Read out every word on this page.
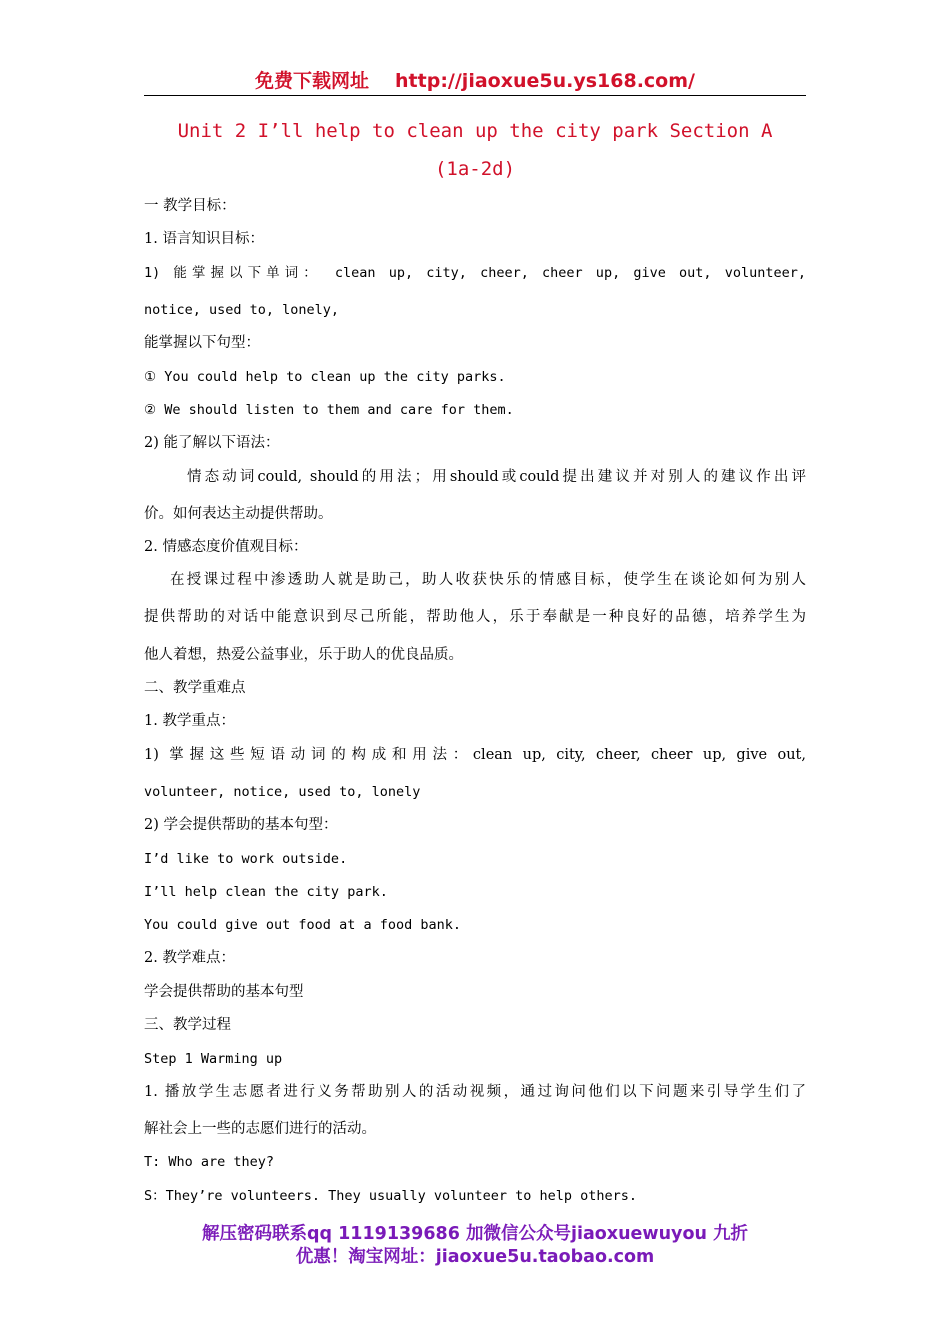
免费下载网址 http://jiaoxue5u.ys168.com/
Unit 2 I’ll help to clean up the city park Section A
(1a-2d)
一 教学目标：
1. 语言知识目标：
1) 能掌握以下单词： clean up, city, cheer, cheer up, give out, volunteer,
notice, used to, lonely,
能掌握以下句型：
① You could help to clean up the city parks.
② We should listen to them and care for them.
2) 能了解以下语法：
情态动词could, should的用法；用should或could提出建议并对别人的建议作出评
价。如何表达主动提供帮助。
2. 情感态度价值观目标：
在授课过程中渗透助人就是助己，助人收获快乐的情感目标，使学生在谈论如何为别人
提供帮助的对话中能意识到尽己所能，帮助他人，乐于奉献是一种良好的品德，培养学生为
他人着想，热爱公益事业，乐于助人的优良品质。
二、教学重难点
1. 教学重点：
1) 掌握这些短语动词的构成和用法：clean up, city, cheer, cheer up, give out,
volunteer, notice, used to, lonely
2) 学会提供帮助的基本句型：
I’d like to work outside.
I’ll help clean the city park.
You could give out food at a food bank.
2. 教学难点：
学会提供帮助的基本句型
三、教学过程
Step 1 Warming up
1. 播放学生志愿者进行义务帮助别人的活动视频，通过询问他们以下问题来引导学生们了
解社会上一些的志愿们进行的活动。
T: Who are they?
S：They’re volunteers. They usually volunteer to help others.
解压密码联系qq 1119139686 加微信公众号jiaoxuewuyou 九折
优惠！淘宝网址：jiaoxue5u.taobao.com
